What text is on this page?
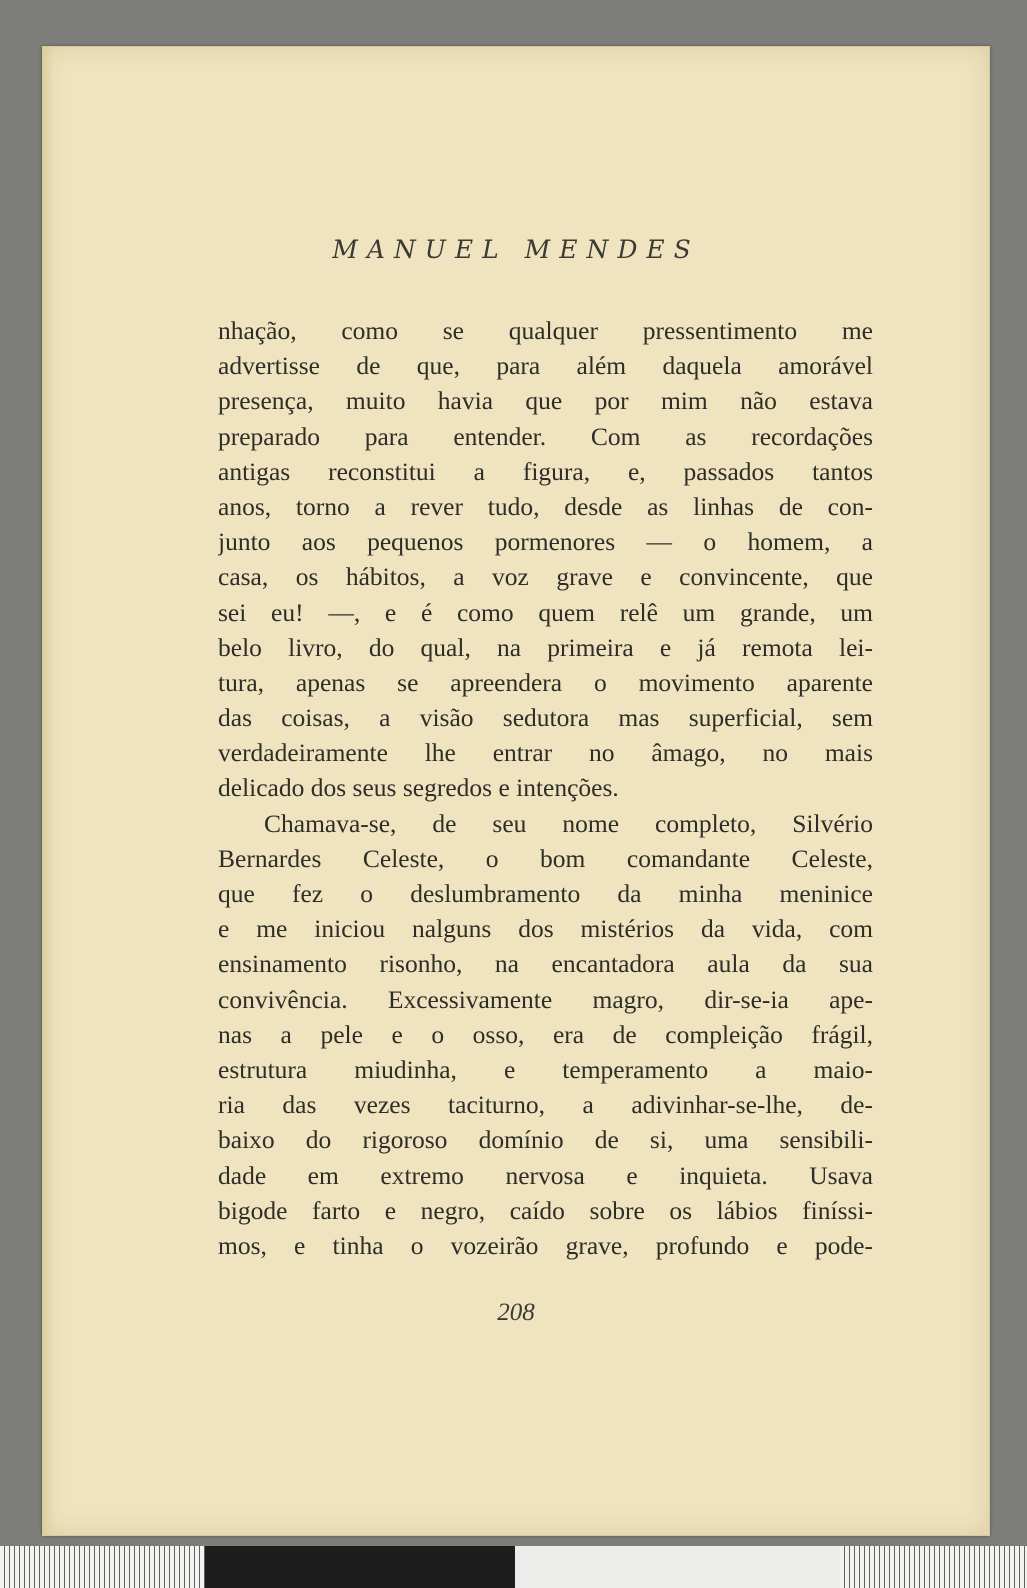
MANUEL MENDES
nhação, como se qualquer pressentimento me
advertisse de que, para além daquela amorável
presença, muito havia que por mim não estava
preparado para entender. Com as recordações
antigas reconstitui a figura, e, passados tantos
anos, torno a rever tudo, desde as linhas de con-
junto aos pequenos pormenores — o homem, a
casa, os hábitos, a voz grave e convincente, que
sei eu! —, e é como quem relê um grande, um
belo livro, do qual, na primeira e já remota lei-
tura, apenas se apreendera o movimento aparente
das coisas, a visão sedutora mas superficial, sem
verdadeiramente lhe entrar no âmago, no mais
delicado dos seus segredos e intenções.
Chamava-se, de seu nome completo, Silvério
Bernardes Celeste, o bom comandante Celeste,
que fez o deslumbramento da minha meninice
e me iniciou nalguns dos mistérios da vida, com
ensinamento risonho, na encantadora aula da sua
convivência. Excessivamente magro, dir-se-ia ape-
nas a pele e o osso, era de compleição frágil,
estrutura miudinha, e temperamento a maio-
ria das vezes taciturno, a adivinhar-se-lhe, de-
baixo do rigoroso domínio de si, uma sensibili-
dade em extremo nervosa e inquieta. Usava
bigode farto e negro, caído sobre os lábios finíssi-
mos, e tinha o vozeirão grave, profundo e pode-
208
